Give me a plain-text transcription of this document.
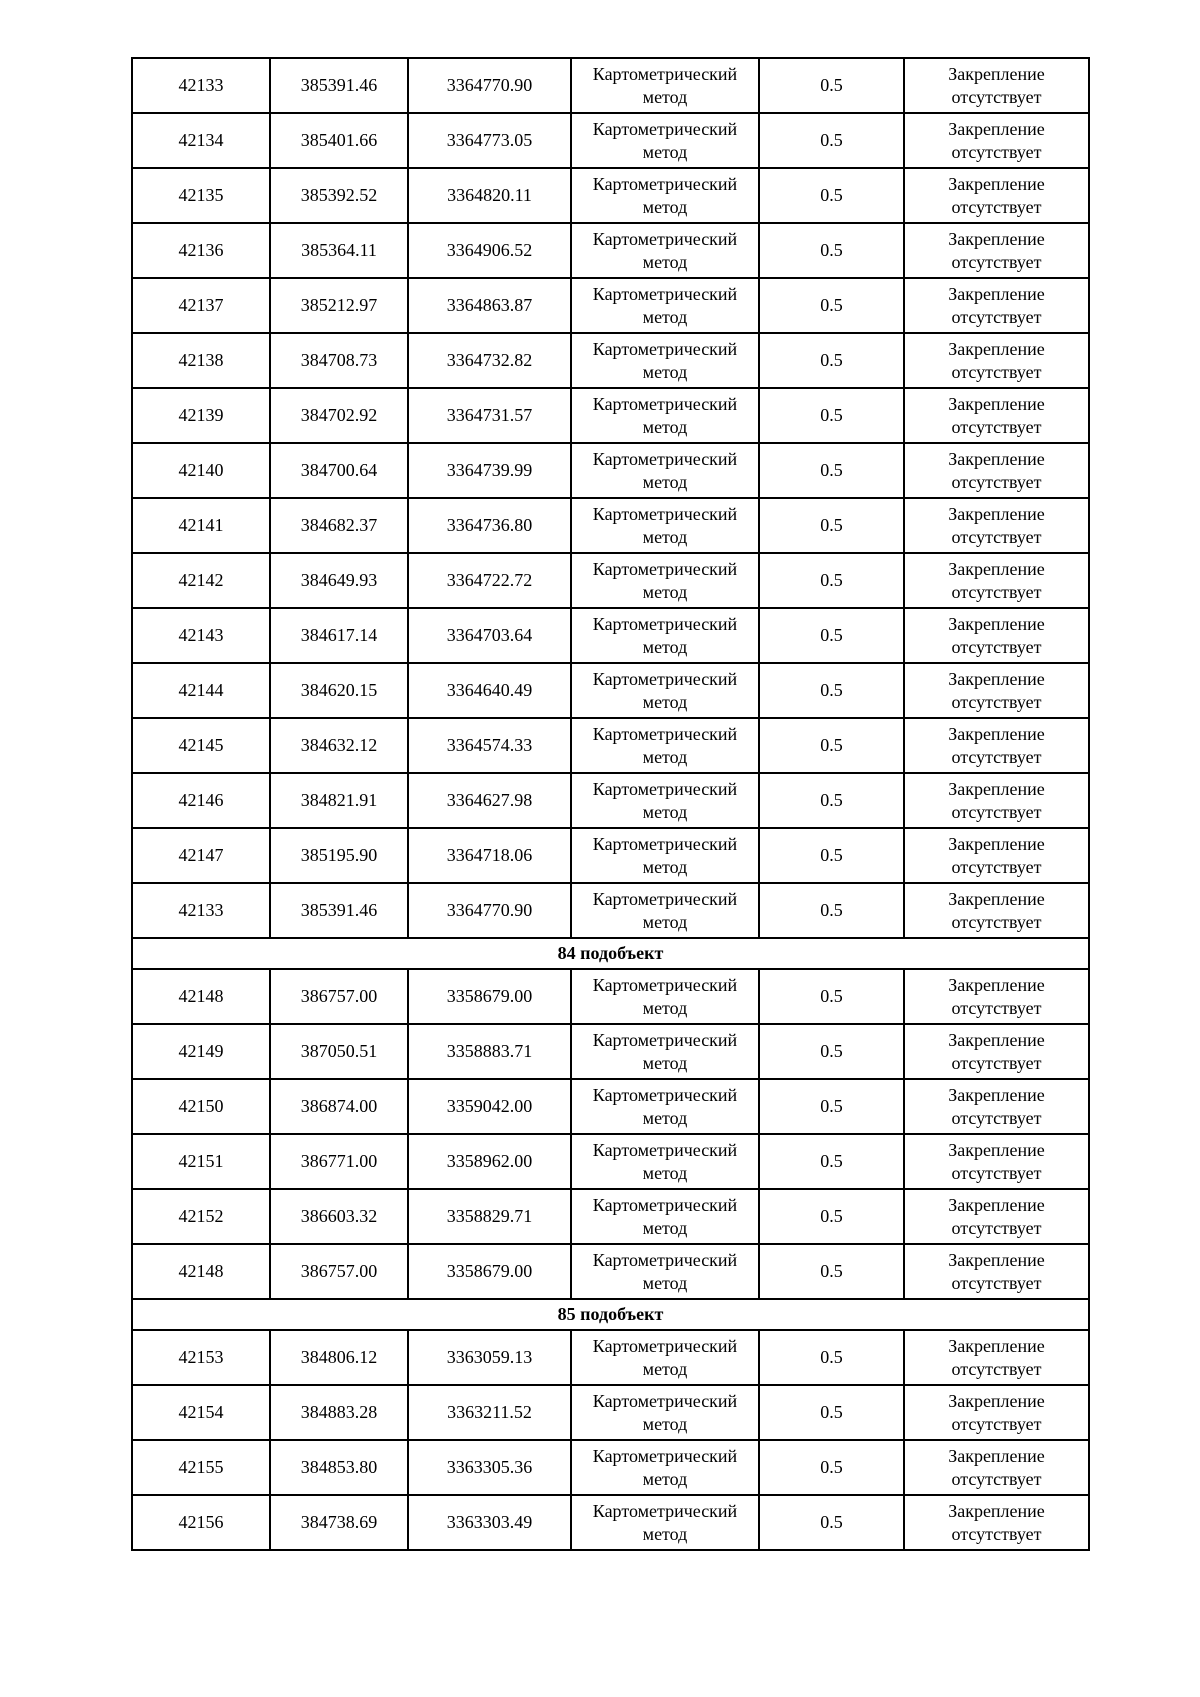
42133	385391.46	3364770.90	Картометрический метод	0.5	Закрепление отсутствует
42134	385401.66	3364773.05	Картометрический метод	0.5	Закрепление отсутствует
42135	385392.52	3364820.11	Картометрический метод	0.5	Закрепление отсутствует
42136	385364.11	3364906.52	Картометрический метод	0.5	Закрепление отсутствует
42137	385212.97	3364863.87	Картометрический метод	0.5	Закрепление отсутствует
42138	384708.73	3364732.82	Картометрический метод	0.5	Закрепление отсутствует
42139	384702.92	3364731.57	Картометрический метод	0.5	Закрепление отсутствует
42140	384700.64	3364739.99	Картометрический метод	0.5	Закрепление отсутствует
42141	384682.37	3364736.80	Картометрический метод	0.5	Закрепление отсутствует
42142	384649.93	3364722.72	Картометрический метод	0.5	Закрепление отсутствует
42143	384617.14	3364703.64	Картометрический метод	0.5	Закрепление отсутствует
42144	384620.15	3364640.49	Картометрический метод	0.5	Закрепление отсутствует
42145	384632.12	3364574.33	Картометрический метод	0.5	Закрепление отсутствует
42146	384821.91	3364627.98	Картометрический метод	0.5	Закрепление отсутствует
42147	385195.90	3364718.06	Картометрический метод	0.5	Закрепление отсутствует
42133	385391.46	3364770.90	Картометрический метод	0.5	Закрепление отсутствует
84 подобъект					
42148	386757.00	3358679.00	Картометрический метод	0.5	Закрепление отсутствует
42149	387050.51	3358883.71	Картометрический метод	0.5	Закрепление отсутствует
42150	386874.00	3359042.00	Картометрический метод	0.5	Закрепление отсутствует
42151	386771.00	3358962.00	Картометрический метод	0.5	Закрепление отсутствует
42152	386603.32	3358829.71	Картометрический метод	0.5	Закрепление отсутствует
42148	386757.00	3358679.00	Картометрический метод	0.5	Закрепление отсутствует
85 подобъект					
42153	384806.12	3363059.13	Картометрический метод	0.5	Закрепление отсутствует
42154	384883.28	3363211.52	Картометрический метод	0.5	Закрепление отсутствует
42155	384853.80	3363305.36	Картометрический метод	0.5	Закрепление отсутствует
42156	384738.69	3363303.49	Картометрический метод	0.5	Закрепление отсутствует
